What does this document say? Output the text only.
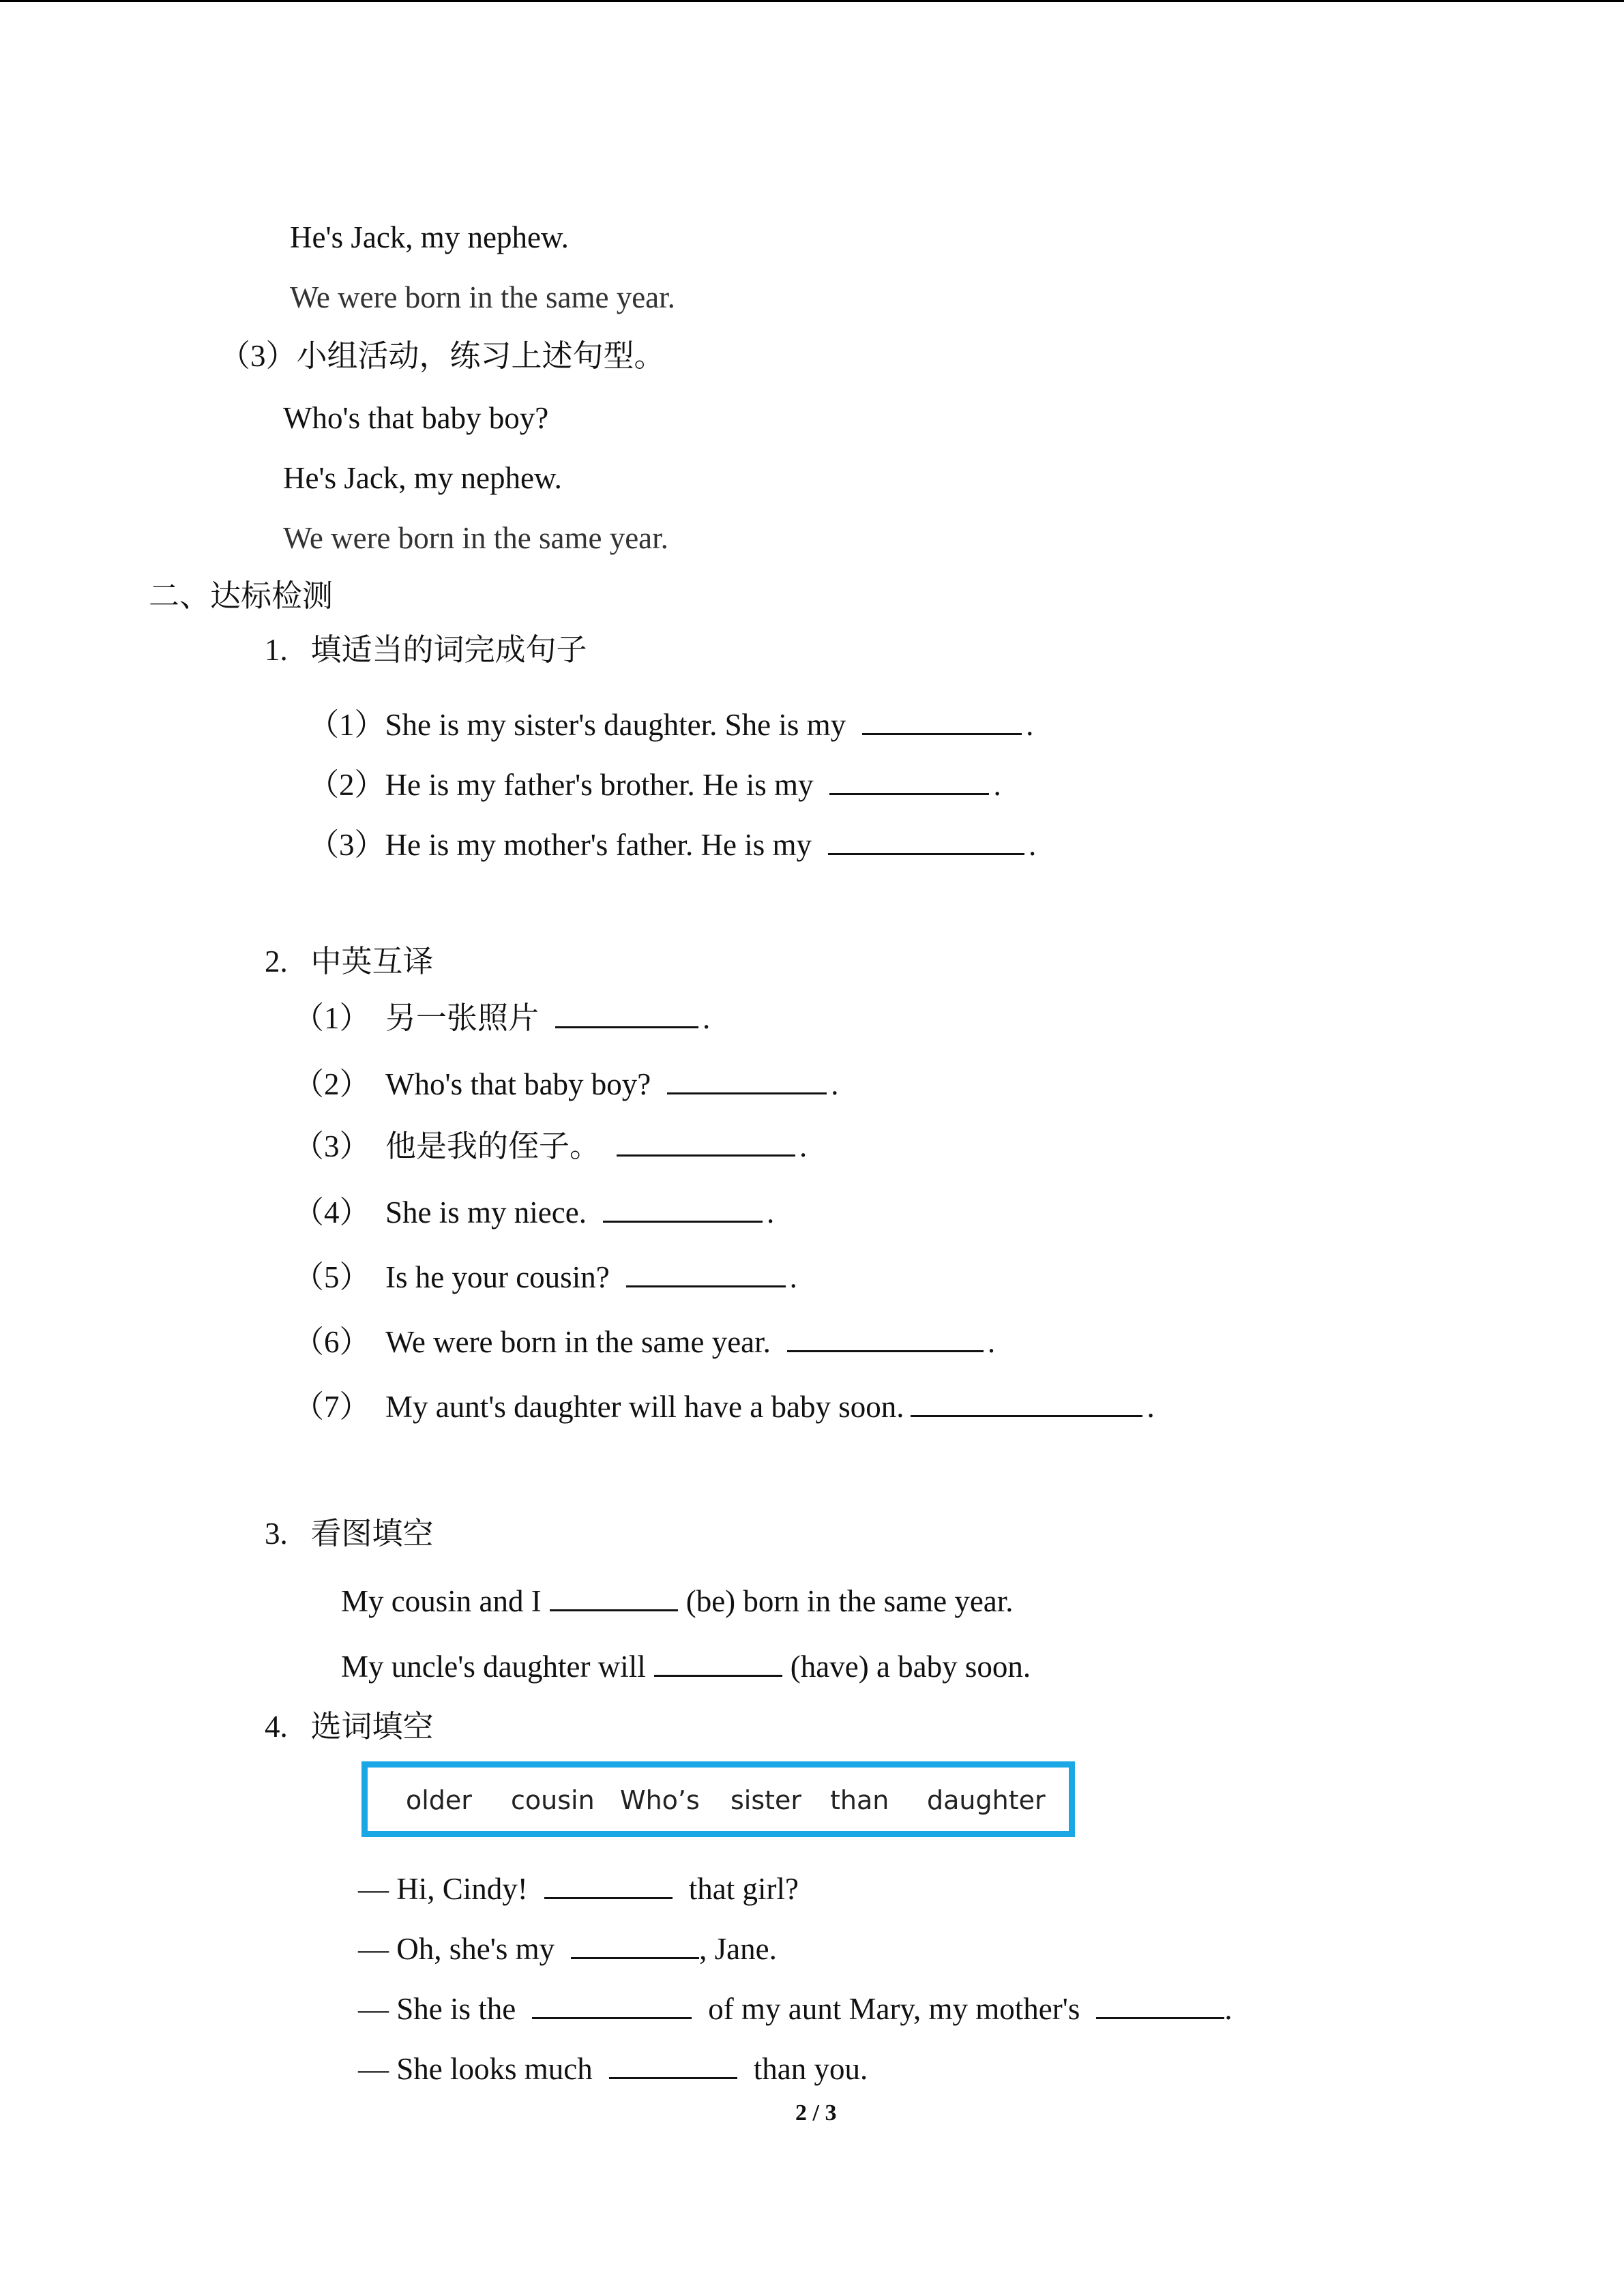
He's Jack, my nephew.
We were born in the same year.
（3）小组活动，练习上述句型。
Who's that baby boy?
He's Jack, my nephew.
We were born in the same year.
二、达标检测
1.   填适当的词完成句子
（1）She is my sister's daughter. She is my	.
（2）He is my father's brother. He is my	.
（3）He is my mother's father. He is my	.
2.   中英互译
（1）  另一张照片	.
（2）  Who's that baby boy?	.
（3）  他是我的侄子。	.
（4）  She is my niece.	.
（5）  Is he your cousin?	.
（6）  We were born in the same year.	.
（7）  My aunt's daughter will have a baby soon.	.
3.   看图填空
My cousin and I	(be) born in the same year.
My uncle's daughter will	(have) a baby soon.
4.   选词填空
older cousin Who’s sister than daughter
— Hi, Cindy!	that girl?
— Oh, she's my	, Jane.
— She is the	of my aunt Mary, my mother's	.
— She looks much	than you.
2 / 3
